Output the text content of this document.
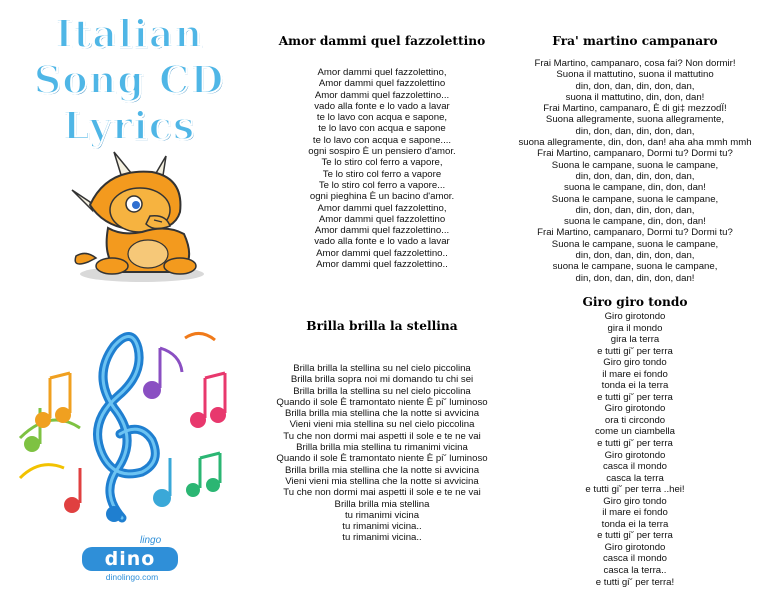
Italian
Song CD
Lyrics
lingo
dino
dinolingo.com
Amor dammi quel fazzolettino
Amor dammi quel fazzolettino,
Amor dammi quel fazzolettino
Amor dammi quel fazzolettino...
vado alla fonte e lo vado a lavar
te lo lavo con acqua e sapone,
te lo lavo con acqua e sapone
te lo lavo con acqua e sapone....
ogni sospiro È un pensiero d'amor.
Te lo stiro col ferro a vapore,
Te lo stiro col ferro a vapore
Te lo stiro col ferro a vapore...
ogni pieghina È un bacino d'amor.
Amor dammi quel fazzolettino,
Amor dammi quel fazzolettino
Amor dammi quel fazzolettino...
vado alla fonte e lo vado a lavar
Amor dammi quel fazzolettino..
Amor dammi quel fazzolettino..
Brilla brilla la stellina
Brilla brilla la stellina su nel cielo piccolina
Brilla brilla sopra noi mi domando tu chi sei
Brilla brilla la stellina su nel cielo piccolina
Quando il sole È tramontato niente È pi˘ luminoso
Brilla brilla mia stellina che la notte si avvicina
Vieni vieni mia stellina su nel cielo piccolina
Tu che non dormi mai aspetti il sole e te ne vai
Brilla brilla mia stellina tu rimanimi vicina
Quando il sole È tramontato niente È pi˘ luminoso
Brilla brilla mia stellina che la notte si avvicina
Vieni vieni mia stellina che la notte si avvicina
Tu che non dormi mai aspetti il sole e te ne vai
Brilla brilla mia stellina
tu rimanimi vicina
tu rimanimi vicina..
tu rimanimi vicina..
Fra' martino campanaro
Frai Martino, campanaro, cosa fai? Non dormir!
Suona il mattutino, suona il mattutino
din, don, dan, din, don, dan,
suona il mattutino, din, don, dan!
Frai Martino, campanaro, È di gi‡ mezzodÏ!
Suona allegramente, suona allegramente,
din, don, dan, din, don, dan,
suona allegramente, din, don, dan! aha aha mmh mmh
Frai Martino, campanaro, Dormi tu? Dormi tu?
Suona le campane, suona le campane,
din, don, dan, din, don, dan,
suona le campane, din, don, dan!
Suona le campane, suona le campane,
din, don, dan, din, don, dan,
suona le campane, din, don, dan!
Frai Martino, campanaro, Dormi tu? Dormi tu?
Suona le campane, suona le campane,
din, don, dan, din, don, dan,
suona le campane, suona le campane,
din, don, dan, din, don, dan!
Giro giro tondo
Giro girotondo
gira il mondo
gira la terra
e tutti gi˘ per terra
Giro giro tondo
il mare ei fondo
tonda ei la terra
e tutti gi˘ per terra
Giro girotondo
ora ti circondo
come un ciambella
e tutti gi˘ per terra
Giro girotondo
casca il mondo
casca la terra
e tutti gi˘ per terra ..hei!
Giro giro tondo
il mare ei fondo
tonda ei la terra
e tutti gi˘ per terra
Giro girotondo
casca il mondo
casca la terra..
e tutti gi˘ per terra!
